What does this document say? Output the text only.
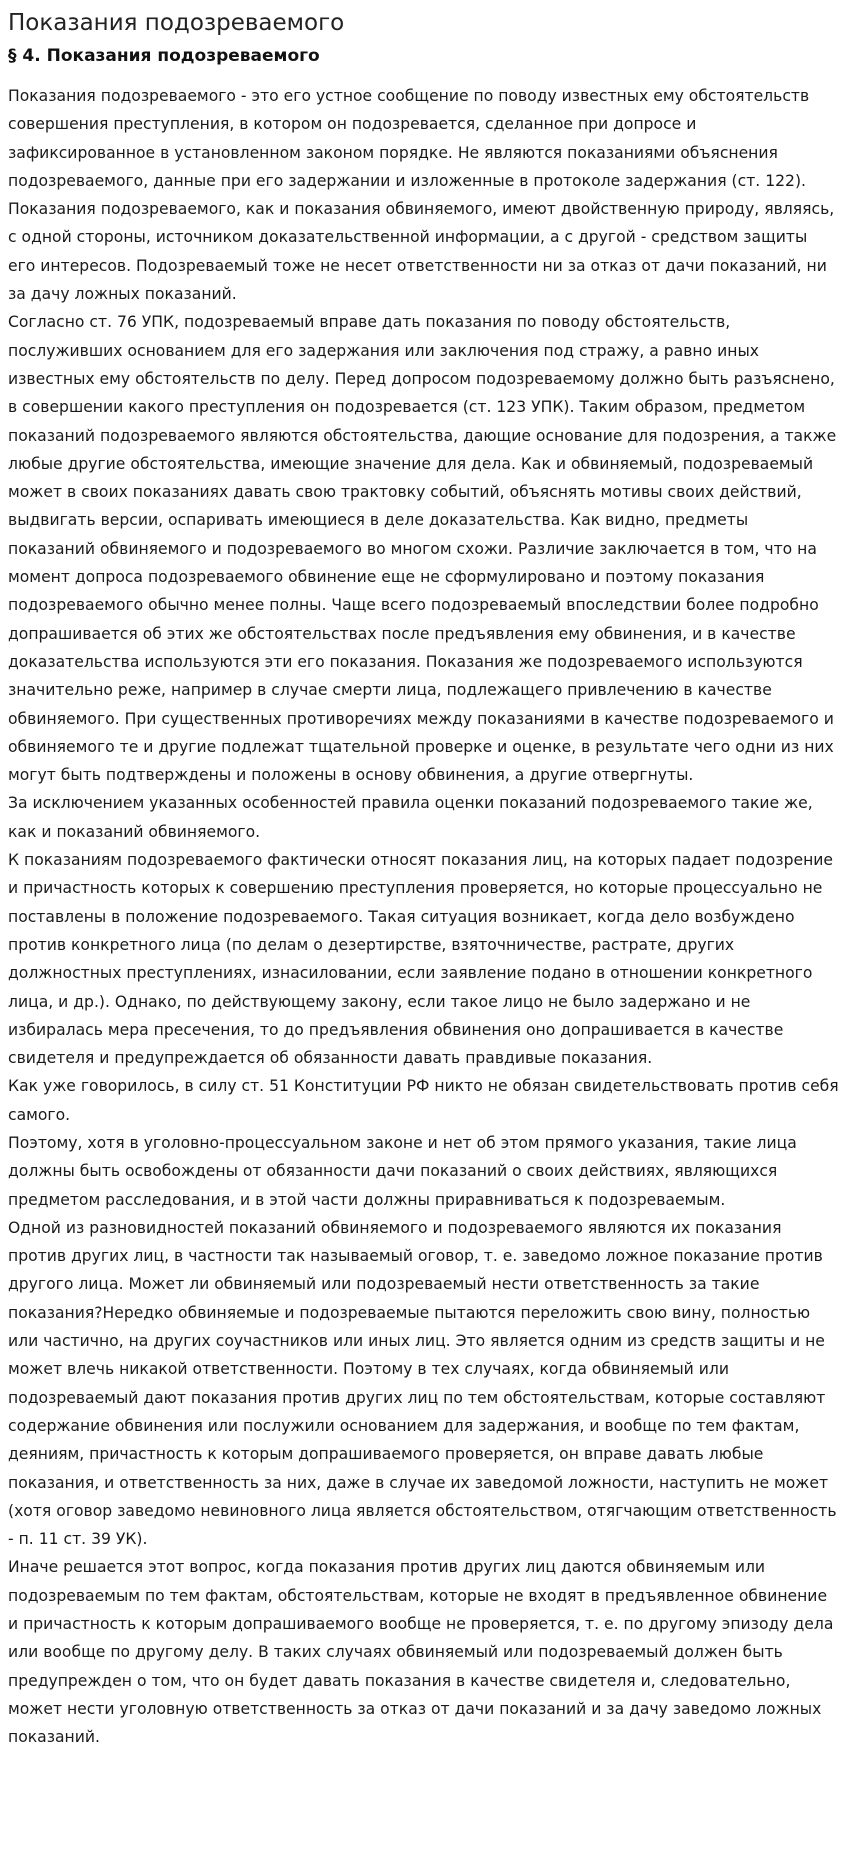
Показания подозреваемого
§ 4. Показания подозреваемого

Показания подозреваемого - это его устное сообщение по поводу известных ему обстоятельств совершения преступления, в котором он подозревается, сделанное при допросе и зафиксированное в установленном законом порядке. Не являются показаниями объяснения подозреваемого, данные при его задержании и изложенные в протоколе задержания (ст. 122).

Показания подозреваемого, как и показания обвиняемого, имеют двойственную природу, являясь, с одной стороны, источником доказательственной информации, а с другой - средством защиты его интересов. Подозреваемый тоже не несет ответственности ни за отказ от дачи показаний, ни за дачу ложных показаний.

Согласно ст. 76 УПК, подозреваемый вправе дать показания по поводу обстоятельств, послуживших основанием для его задержания или заключения под стражу, а равно иных известных ему обстоятельств по делу. Перед допросом подозреваемому должно быть разъяснено, в совершении какого преступления он подозревается (ст. 123 УПК). Таким образом, предметом показаний подозреваемого являются обстоятельства, дающие основание для подозрения, а также любые другие обстоятельства, имеющие значение для дела. Как и обвиняемый, подозреваемый может в своих показаниях давать свою трактовку событий, объяснять мотивы своих действий, выдвигать версии, оспаривать имеющиеся в деле доказательства. Как видно, предметы показаний обвиняемого и подозреваемого во многом схожи. Различие заключается в том, что на момент допроса подозреваемого обвинение еще не сформулировано и поэтому показания подозреваемого обычно менее полны. Чаще всего подозреваемый впоследствии более подробно допрашивается об этих же обстоятельствах после предъявления ему обвинения, и в качестве доказательства используются эти его показания. Показания же подозреваемого используются значительно реже, например в случае смерти лица, подлежащего привлечению в качестве обвиняемого. При существенных противоречиях между показаниями в качестве подозреваемого и обвиняемого те и другие подлежат тщательной проверке и оценке, в результате чего одни из них могут быть подтверждены и положены в основу обвинения, а другие отвергнуты.

За исключением указанных особенностей правила оценки показаний подозреваемого такие же, как и показаний обвиняемого.

К показаниям подозреваемого фактически относят показания лиц, на которых падает подозрение и причастность которых к совершению преступления проверяется, но которые процессуально не поставлены в положение подозреваемого. Такая ситуация возникает, когда дело возбуждено против конкретного лица (по делам о дезертирстве, взяточничестве, растрате, других должностных преступлениях, изнасиловании, если заявление подано в отношении конкретного лица, и др.). Однако, по действующему закону, если такое лицо не было задержано и не избиралась мера пресечения, то до предъявления обвинения оно допрашивается в качестве свидетеля и предупреждается об обязанности давать правдивые показания.

Как уже говорилось, в силу ст. 51 Конституции РФ никто не обязан свидетельствовать против себя самого.

Поэтому, хотя в уголовно-процессуальном законе и нет об этом прямого указания, такие лица должны быть освобождены от обязанности дачи показаний о своих действиях, являющихся предметом расследования, и в этой части должны приравниваться к подозреваемым.

Одной из разновидностей показаний обвиняемого и подозреваемого являются их показания против других лиц, в частности так называемый оговор, т. е. заведомо ложное показание против другого лица. Может ли обвиняемый или подозреваемый нести ответственность за такие показания?Нередко обвиняемые и подозреваемые пытаются переложить свою вину, полностью или частично, на других соучастников или иных лиц. Это является одним из средств защиты и не может влечь никакой ответственности. Поэтому в тех случаях, когда обвиняемый или подозреваемый дают показания против других лиц по тем обстоятельствам, которые составляют содержание обвинения или послужили основанием для задержания, и вообще по тем фактам, деяниям, причастность к которым допрашиваемого проверяется, он вправе давать любые показания, и ответственность за них, даже в случае их заведомой ложности, наступить не может (хотя оговор заведомо невиновного лица является обстоятельством, отягчающим ответственность - п. 11 ст. 39 УК).

Иначе решается этот вопрос, когда показания против других лиц даются обвиняемым или подозреваемым по тем фактам, обстоятельствам, которые не входят в предъявленное обвинение и причастность к которым допрашиваемого вообще не проверяется, т. е. по другому эпизоду дела или вообще по другому делу. В таких случаях обвиняемый или подозреваемый должен быть предупрежден о том, что он будет давать показания в качестве свидетеля и, следовательно, может нести уголовную ответственность за отказ от дачи показаний и за дачу заведомо ложных показаний.
